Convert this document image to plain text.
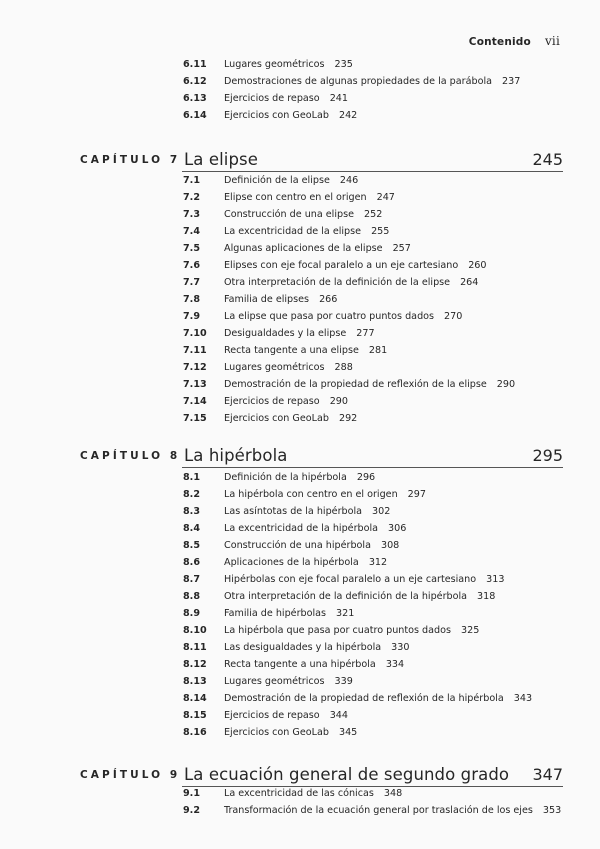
Contenido vii
6.11 Lugares geométricos 235
6.12 Demostraciones de algunas propiedades de la parábola 237
6.13 Ejercicios de repaso 241
6.14 Ejercicios con GeoLab 242
CAPÍTULO 7 La elipse	245
7.1	Definición de la elipse 246
7.2	Elipse con centro en el origen 247
7.3	Construcción de una elipse 252
7.4	La excentricidad de la elipse 255
7.5	Algunas aplicaciones de la elipse 257
7.6	Elipses con eje focal paralelo a un eje cartesiano 260
7.7	Otra interpretación de la definición de la elipse 264
7.8	Familia de elipses 266
7.9	La elipse que pasa por cuatro puntos dados 270
7.10 Desigualdades y la elipse 277
7.11 Recta tangente a una elipse 281
7.12 Lugares geométricos 288
7.13 Demostración de la propiedad de reflexión de la elipse 290
7.14 Ejercicios de repaso 290
7.15 Ejercicios con GeoLab 292
CAPÍTULO 8 La hipérbola	295
8.1	Definición de la hipérbola 296
8.2	La hipérbola con centro en el origen 297
8.3	Las asíntotas de la hipérbola 302
8.4	La excentricidad de la hipérbola 306
8.5	Construcción de una hipérbola 308
8.6	Aplicaciones de la hipérbola 312
8.7	Hipérbolas con eje focal paralelo a un eje cartesiano 313
8.8	Otra interpretación de la definición de la hipérbola 318
8.9	Familia de hipérbolas 321
8.10 La hipérbola que pasa por cuatro puntos dados 325
8.11 Las desigualdades y la hipérbola 330
8.12 Recta tangente a una hipérbola 334
8.13 Lugares geométricos 339
8.14 Demostración de la propiedad de reflexión de la hipérbola 343
8.15 Ejercicios de repaso 344
8.16 Ejercicios con GeoLab 345
CAPÍTULO 9 La ecuación general de segundo grado 347
9.1	La excentricidad de las cónicas 348
9.2	Transformación de la ecuación general por traslación de los ejes 353
